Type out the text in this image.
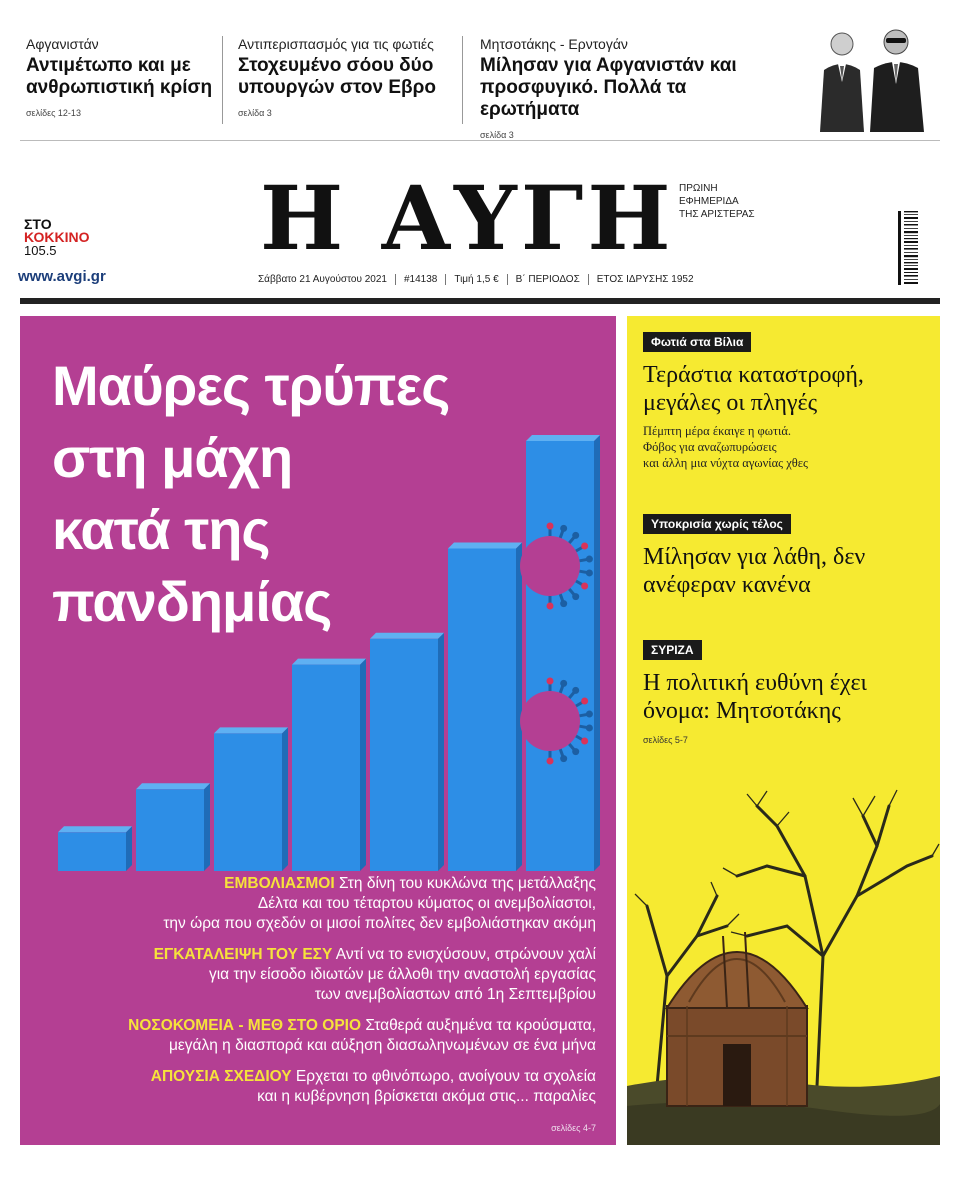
Αφγανιστάν
Αντιμέτωπο και με ανθρωπιστική κρίση
σελίδες 12-13
Αντιπερισπασμός για τις φωτιές
Στοχευμένο σόου δύο υπουργών στον Εβρο
σελίδα 3
Μητσοτάκης - Ερντογάν
Μίλησαν για Αφγανιστάν και προσφυγικό. Πολλά τα ερωτήματα
σελίδα 3
Η ΑΥΓΗ ΠΡΩΙΝΗ
ΕΦΗΜΕΡΙΔΑ
ΤΗΣ ΑΡΙΣΤΕΡΑΣ
ΣΤΟ
ΚΟΚΚΙΝΟ
105.5
www.avgi.gr	Σάββατο 21 Αυγούστου 2021	#14138	Τιμή 1,5 €	Β΄ ΠΕΡΙΟΔΟΣ	ΕΤΟΣ ΙΔΡΥΣΗΣ 1952
Μαύρες τρύπες
στη μάχη
κατά της
πανδημίας
ΕΜΒΟΛΙΑΣΜΟΙ Στη δίνη του κυκλώνα της μετάλλαξης
Δέλτα και του τέταρτου κύματος οι ανεμβολίαστοι,
την ώρα που σχεδόν οι μισοί πολίτες δεν εμβολιάστηκαν ακόμη
ΕΓΚΑΤΑΛΕΙΨΗ ΤΟΥ ΕΣΥ Αντί να το ενισχύσουν, στρώνουν χαλί
για την είσοδο ιδιωτών με άλλοθι την αναστολή εργασίας
των ανεμβολίαστων από 1η Σεπτεμβρίου
ΝΟΣΟΚΟΜΕΙΑ - ΜΕΘ ΣΤΟ ΟΡΙΟ Σταθερά αυξημένα τα κρούσματα,
μεγάλη η διασπορά και αύξηση διασωληνωμένων σε ένα μήνα
ΑΠΟΥΣΙΑ ΣΧΕΔΙΟΥ Ερχεται το φθινόπωρο, ανοίγουν τα σχολεία
και η κυβέρνηση βρίσκεται ακόμα στις... παραλίες
σελίδες 4-7
Φωτιά στα Βίλια
Τεράστια καταστροφή, μεγάλες οι πληγές
Πέμπτη μέρα έκαιγε η φωτιά.
Φόβος για αναζωπυρώσεις
και άλλη μια νύχτα αγωνίας χθες
Υποκρισία χωρίς τέλος
Μίλησαν για λάθη, δεν ανέφεραν κανένα
ΣΥΡΙΖΑ
Η πολιτική ευθύνη έχει όνομα: Μητσοτάκης
σελίδες 5-7
